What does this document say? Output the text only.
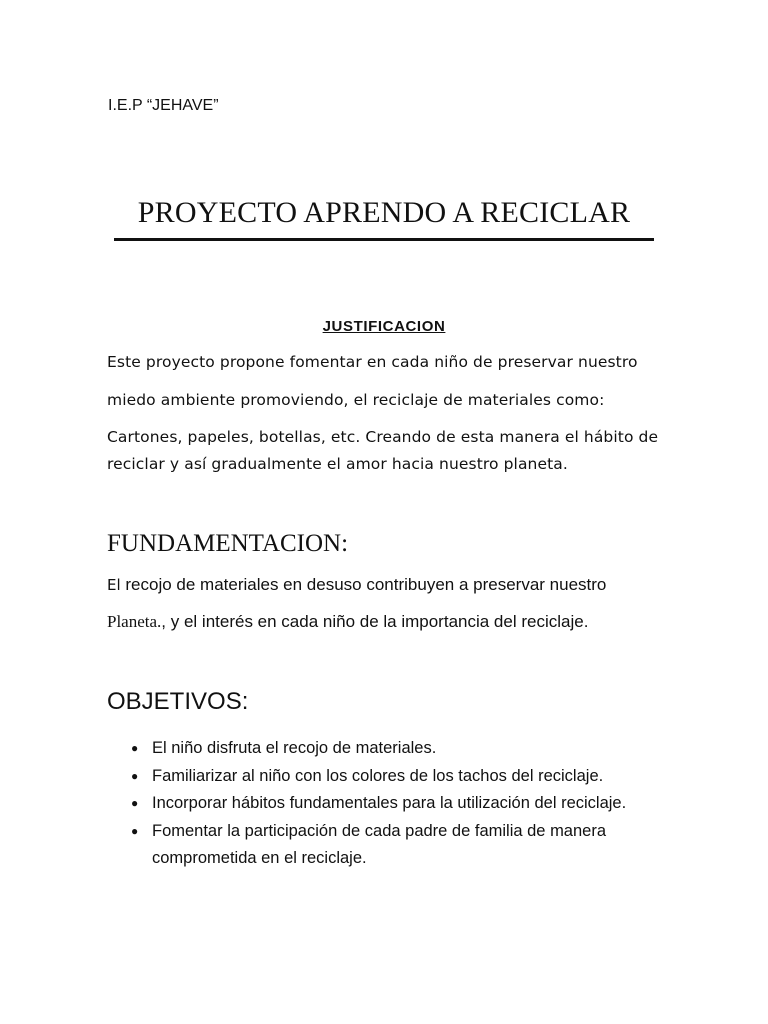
I.E.P “JEHAVE”
PROYECTO APRENDO A RECICLAR
JUSTIFICACION
Este proyecto propone fomentar en cada niño de preservar nuestro
miedo ambiente promoviendo, el reciclaje de materiales como:
Cartones, papeles, botellas, etc. Creando de esta manera el hábito de
reciclar y así gradualmente el amor hacia nuestro planeta.
FUNDAMENTACION:
El recojo de materiales en desuso contribuyen a preservar nuestro
Planeta., y el interés en cada niño de la importancia del reciclaje.
OBJETIVOS:
● El niño disfruta el recojo de materiales.
● Familiarizar al niño con los colores de los tachos del reciclaje.
● Incorporar hábitos fundamentales para la utilización del reciclaje.
● Fomentar la participación de cada padre de familia de manera comprometida en el reciclaje.
